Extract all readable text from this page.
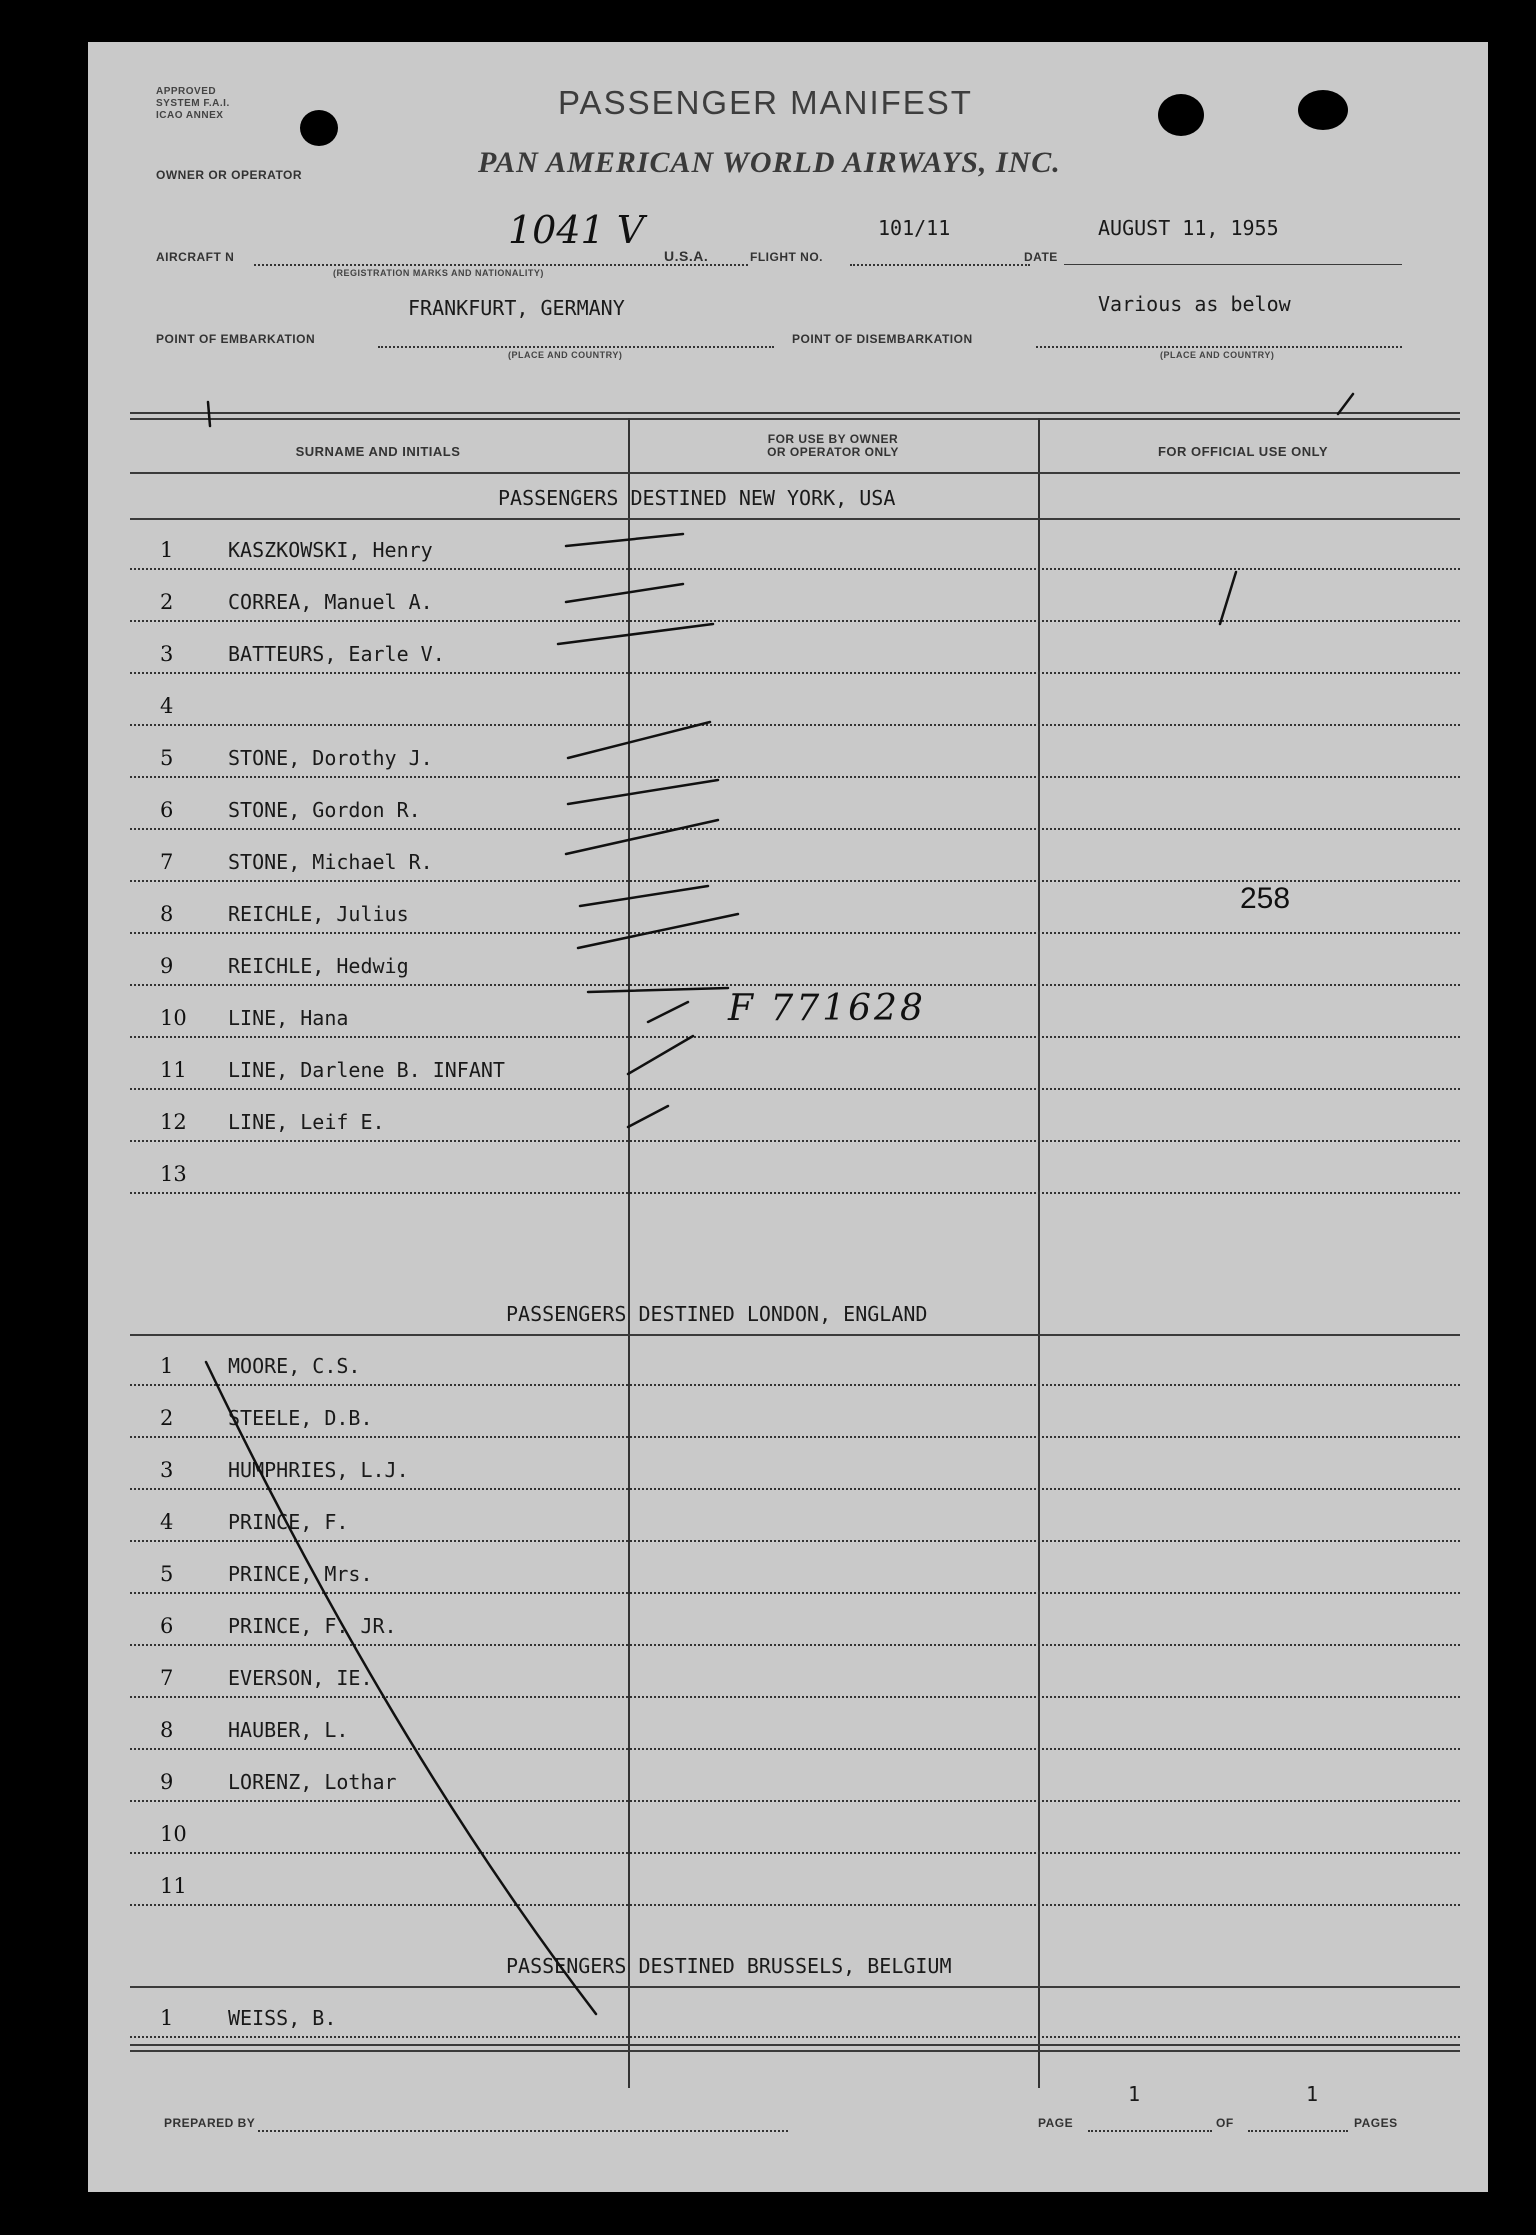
APPROVED
SYSTEM F.A.I.
ICAO ANNEX	PASSENGER MANIFEST
OWNER OR OPERATOR	PAN AMERICAN WORLD AIRWAYS, INC.
AIRCRAFT N
1041 V
(REGISTRATION MARKS AND NATIONALITY)
U.S.A.	FLIGHT NO.
101/11
DATE
AUGUST 11, 1955
POINT OF EMBARKATION
FRANKFURT, GERMANY
(PLACE AND COUNTRY)
POINT OF DISEMBARKATION
Various as below
(PLACE AND COUNTRY)
SURNAME AND INITIALS
FOR USE BY OWNER
OR OPERATOR ONLY	FOR OFFICIAL USE ONLY
PASSENGERS DESTINED NEW YORK, USA
1	KASZKOWSKI, Henry
2	CORREA, Manuel A.
3	BATTEURS, Earle V.
4
5	STONE, Dorothy J.
6	STONE, Gordon R.
7	STONE, Michael R.
8	REICHLE, Julius
9	REICHLE, Hedwig
10 LINE, Hana
11 LINE, Darlene B. INFANT
12 LINE, Leif E.
13
PASSENGERS DESTINED LONDON, ENGLAND
1	MOORE, C.S.
2	STEELE, D.B.
3	HUMPHRIES, L.J.
4	PRINCE, F.
5	PRINCE, Mrs.
6	PRINCE, F. JR.
7	EVERSON, IE.
8	HAUBER, L.
9	LORENZ, Lothar
10
11
PASSENGERS DESTINED BRUSSELS, BELGIUM
1	WEISS, B.
258
F 771628
PREPARED BY	PAGE
1
OF
1
PAGES
